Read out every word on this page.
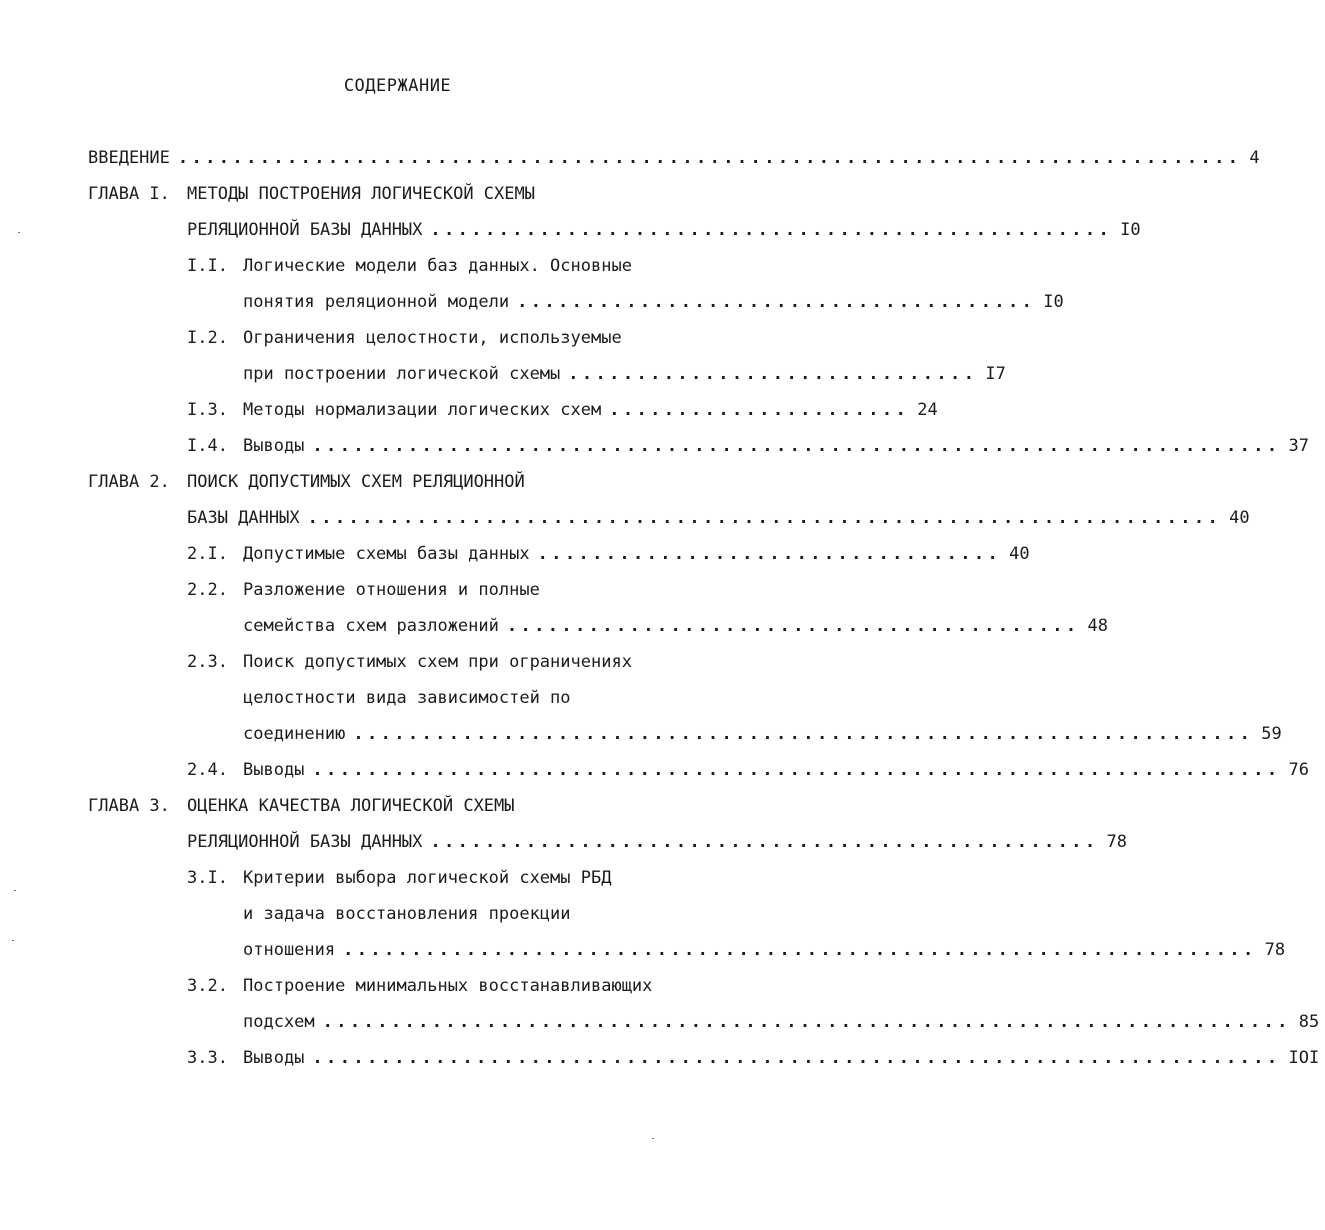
СОДЕРЖАНИЕ
ВВЕДЕНИЕ .............................................................................. 4
ГЛАВА I. МЕТОДЫ ПОСТРОЕНИЯ ЛОГИЧЕСКОЙ СХЕМЫ
РЕЛЯЦИОННОЙ БАЗЫ ДАННЫХ .................................................. I0
I.I. Логические модели баз данных. Основные
понятия реляционной модели ...................................... I0
I.2. Ограничения целостности, используемые
при построении логической схемы .............................. I7
I.3. Методы нормализации логических схем ...................... 24
I.4. Выводы ....................................................................... 37
ГЛАВА 2. ПОИСК ДОПУСТИМЫХ СХЕМ РЕЛЯЦИОННОЙ
БАЗЫ ДАННЫХ ................................................................... 40
2.I. Допустимые схемы базы данных .................................. 40
2.2. Разложение отношения и полные
семейства схем разложений .......................................... 48
2.3. Поиск допустимых схем при ограничениях
целостности вида зависимостей по
соединению .................................................................. 59
2.4. Выводы ....................................................................... 76
ГЛАВА 3. ОЦЕНКА КАЧЕСТВА ЛОГИЧЕСКОЙ СХЕМЫ
РЕЛЯЦИОННОЙ БАЗЫ ДАННЫХ ................................................. 78
3.I. Критерии выбора логической схемы РБД
и задача восстановления проекции
отношения ................................................................... 78
3.2. Построение минимальных восстанавливающих
подсхем ....................................................................... 85
3.3. Выводы ....................................................................... IOI
